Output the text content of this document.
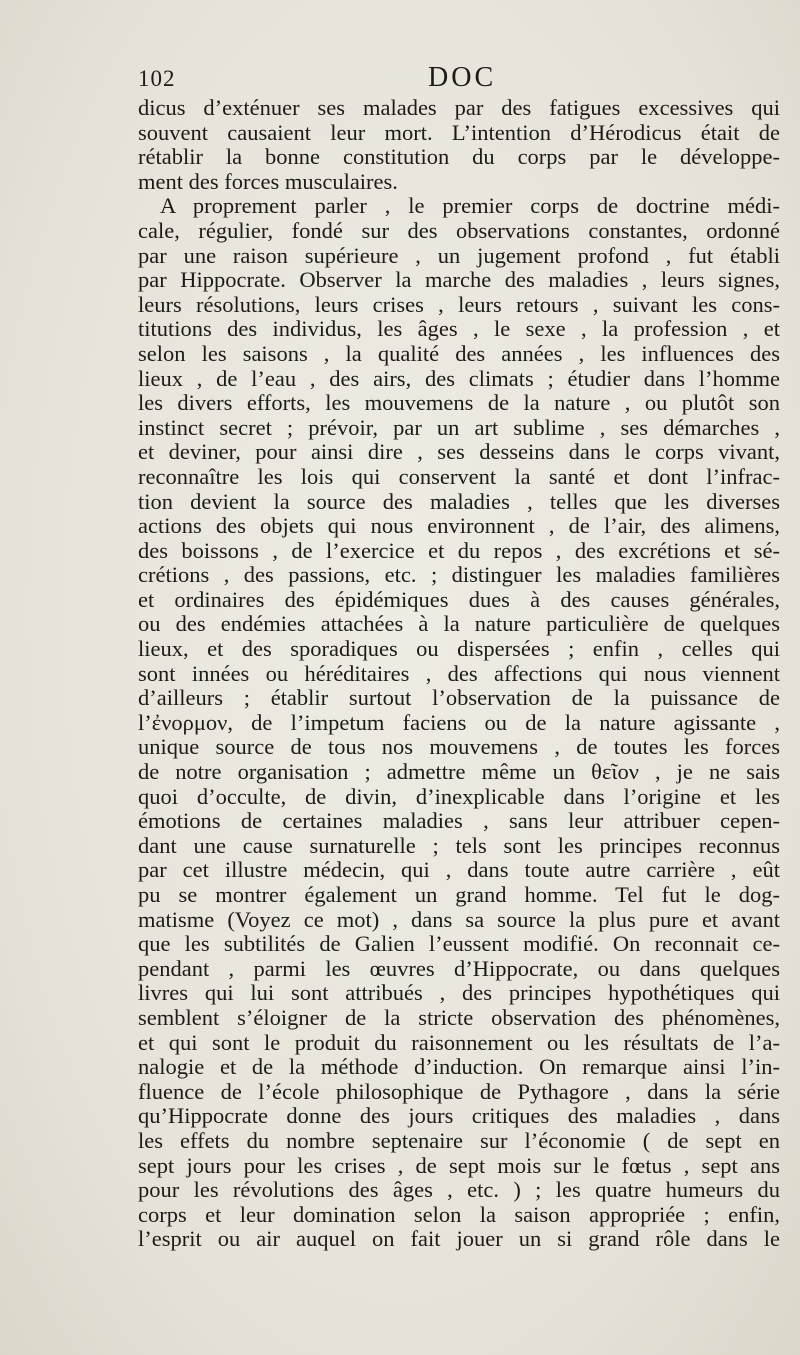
102	DOC
dicus d’exténuer ses malades par des fatigues excessives qui
souvent causaient leur mort. L’intention d’Hérodicus était de
rétablir la bonne constitution du corps par le développe-
ment des forces musculaires.
A proprement parler , le premier corps de doctrine médi-
cale, régulier, fondé sur des observations constantes, ordonné
par une raison supérieure , un jugement profond , fut établi
par Hippocrate. Observer la marche des maladies , leurs signes,
leurs résolutions, leurs crises , leurs retours , suivant les cons-
titutions des individus, les âges , le sexe , la profession , et
selon les saisons , la qualité des années , les influences des
lieux , de l’eau , des airs, des climats ; étudier dans l’homme
les divers efforts, les mouvemens de la nature , ou plutôt son
instinct secret ; prévoir, par un art sublime , ses démarches ,
et deviner, pour ainsi dire , ses desseins dans le corps vivant,
reconnaître les lois qui conservent la santé et dont l’infrac-
tion devient la source des maladies , telles que les diverses
actions des objets qui nous environnent , de l’air, des alimens,
des boissons , de l’exercice et du repos , des excrétions et sé-
crétions , des passions, etc. ; distinguer les maladies familières
et ordinaires des épidémiques dues à des causes générales,
ou des endémies attachées à la nature particulière de quelques
lieux, et des sporadiques ou dispersées ; enfin , celles qui
sont innées ou héréditaires , des affections qui nous viennent
d’ailleurs ; établir surtout l’observation de la puissance de
l’ἐνορμον, de l’impetum faciens ou de la nature agissante ,
unique source de tous nos mouvemens , de toutes les forces
de notre organisation ; admettre même un θεῖον , je ne sais
quoi d’occulte, de divin, d’inexplicable dans l’origine et les
émotions de certaines maladies , sans leur attribuer cepen-
dant une cause surnaturelle ; tels sont les principes reconnus
par cet illustre médecin, qui , dans toute autre carrière , eût
pu se montrer également un grand homme. Tel fut le dog-
matisme (Voyez ce mot) , dans sa source la plus pure et avant
que les subtilités de Galien l’eussent modifié. On reconnait ce-
pendant , parmi les œuvres d’Hippocrate, ou dans quelques
livres qui lui sont attribués , des principes hypothétiques qui
semblent s’éloigner de la stricte observation des phénomènes,
et qui sont le produit du raisonnement ou les résultats de l’a-
nalogie et de la méthode d’induction. On remarque ainsi l’in-
fluence de l’école philosophique de Pythagore , dans la série
qu’Hippocrate donne des jours critiques des maladies , dans
les effets du nombre septenaire sur l’économie ( de sept en
sept jours pour les crises , de sept mois sur le fœtus , sept ans
pour les révolutions des âges , etc. ) ; les quatre humeurs du
corps et leur domination selon la saison appropriée ; enfin,
l’esprit ou air auquel on fait jouer un si grand rôle dans le
